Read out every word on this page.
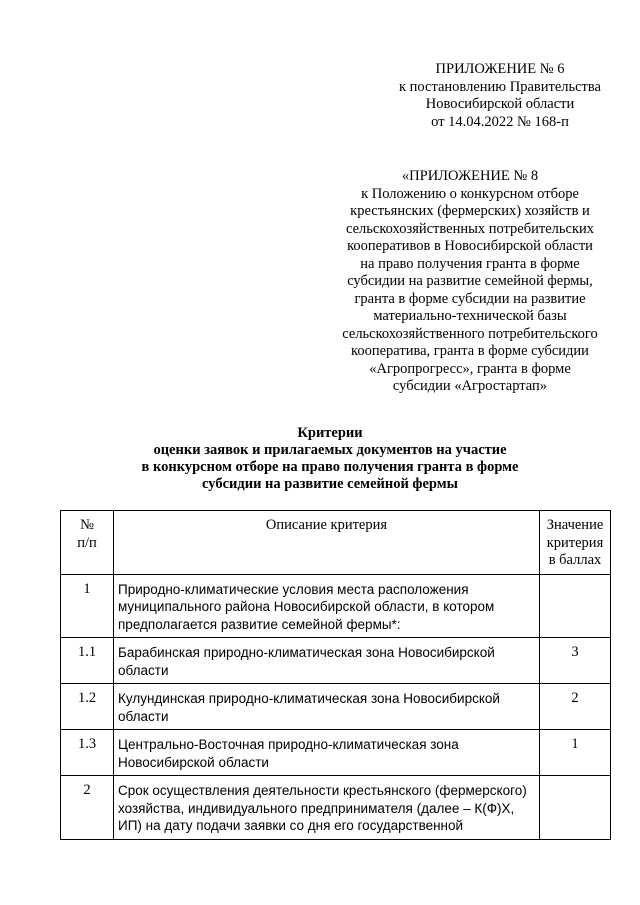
ПРИЛОЖЕНИЕ № 6
к постановлению Правительства
Новосибирской области
от 14.04.2022 № 168-п
«ПРИЛОЖЕНИЕ № 8
к Положению о конкурсном отборе
крестьянских (фермерских) хозяйств и
сельскохозяйственных потребительских
кооперативов в Новосибирской области
на право получения гранта в форме
субсидии на развитие семейной фермы,
гранта в форме субсидии на развитие
материально-технической базы
сельскохозяйственного потребительского
кооператива, гранта в форме субсидии
«Агропрогресс», гранта в форме
субсидии «Агростартап»
Критерии
оценки заявок и прилагаемых документов на участие
в конкурсном отборе на право получения гранта в форме
субсидии на развитие семейной фермы
№
п/п	Описание критерия	Значение
критерия
в баллах

1	Природно-климатические условия места расположения
муниципального района Новосибирской области, в котором
предполагается развитие семейной фермы*:	

1.1	Барабинская природно-климатическая зона Новосибирской
области	3
1.2	Кулундинская природно-климатическая зона Новосибирской
области	2
1.3	Центрально-Восточная природно-климатическая зона
Новосибирской области	1
2	Срок осуществления деятельности крестьянского (фермерского)
хозяйства, индивидуального предпринимателя (далее – К(Ф)Х,
ИП) на дату подачи заявки со дня его государственной	
